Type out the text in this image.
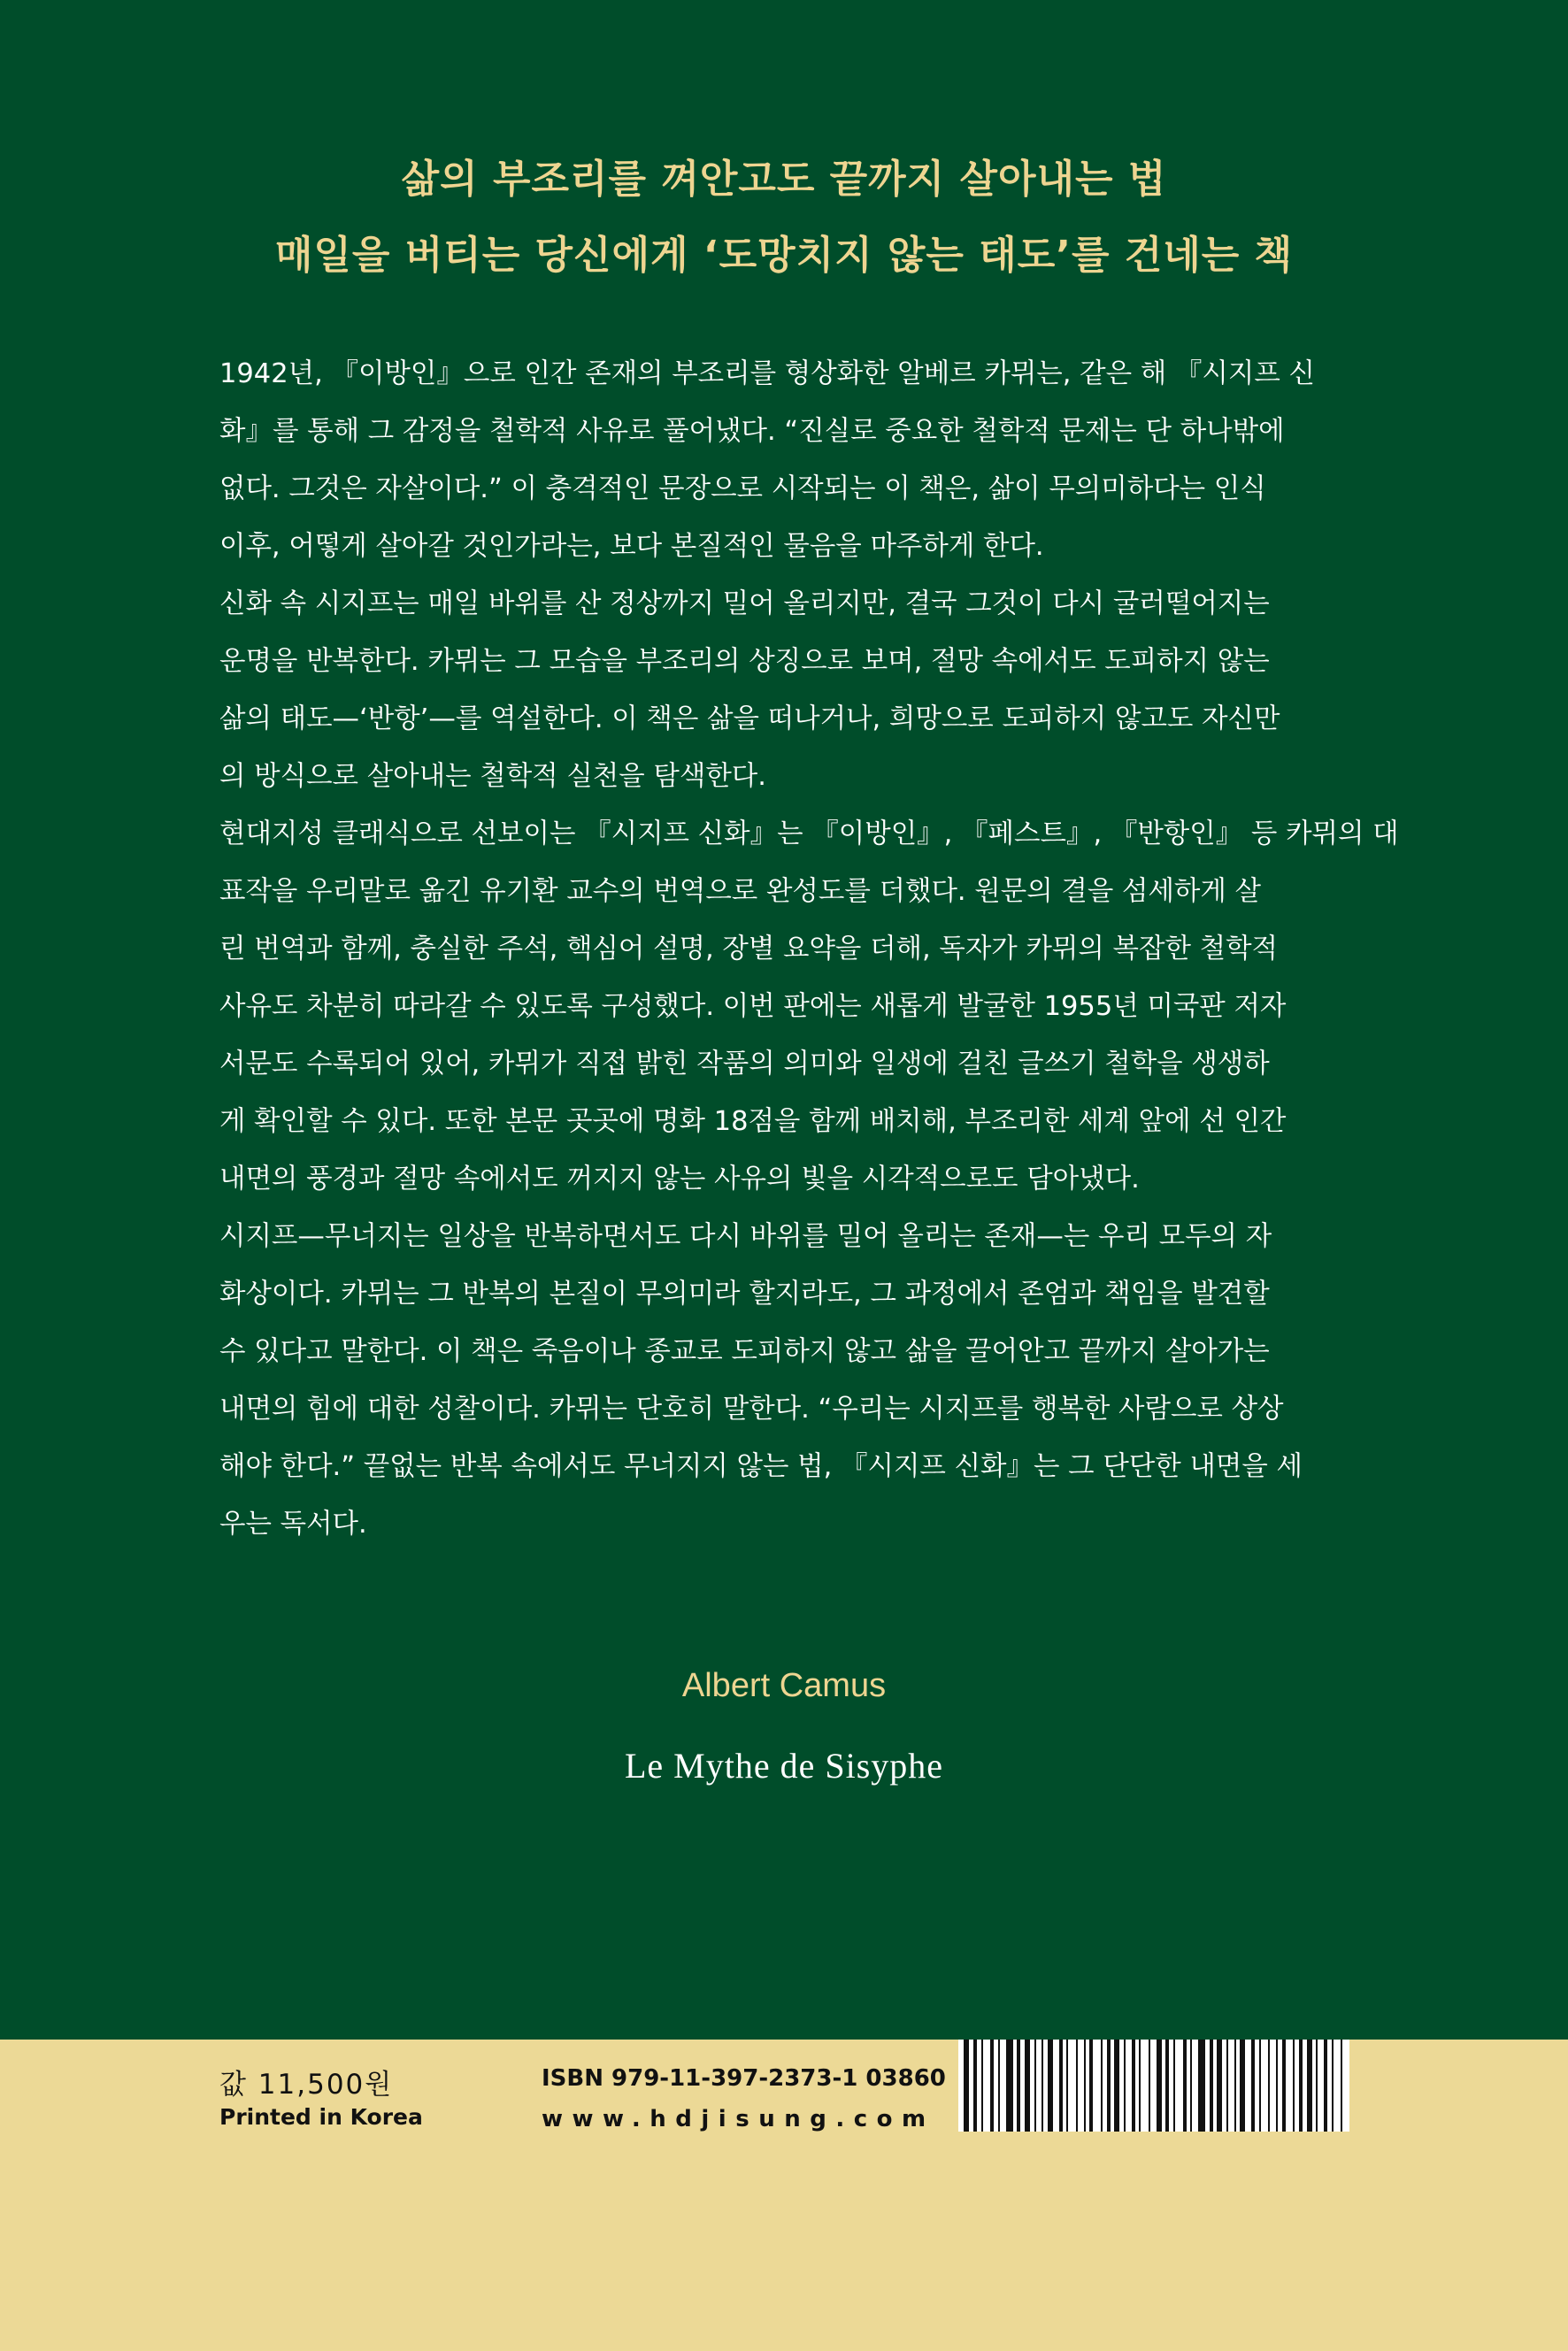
삶의 부조리를 껴안고도 끝까지 살아내는 법
매일을 버티는 당신에게 ‘도망치지 않는 태도’를 건네는 책
1942년, 『이방인』으로 인간 존재의 부조리를 형상화한 알베르 카뮈는, 같은 해 『시지프 신
화』를 통해 그 감정을 철학적 사유로 풀어냈다. “진실로 중요한 철학적 문제는 단 하나밖에
없다. 그것은 자살이다.” 이 충격적인 문장으로 시작되는 이 책은, 삶이 무의미하다는 인식
이후, 어떻게 살아갈 것인가라는, 보다 본질적인 물음을 마주하게 한다.
신화 속 시지프는 매일 바위를 산 정상까지 밀어 올리지만, 결국 그것이 다시 굴러떨어지는
운명을 반복한다. 카뮈는 그 모습을 부조리의 상징으로 보며, 절망 속에서도 도피하지 않는
삶의 태도—‘반항’—를 역설한다. 이 책은 삶을 떠나거나, 희망으로 도피하지 않고도 자신만
의 방식으로 살아내는 철학적 실천을 탐색한다.
현대지성 클래식으로 선보이는 『시지프 신화』는 『이방인』, 『페스트』, 『반항인』 등 카뮈의 대
표작을 우리말로 옮긴 유기환 교수의 번역으로 완성도를 더했다. 원문의 결을 섬세하게 살
린 번역과 함께, 충실한 주석, 핵심어 설명, 장별 요약을 더해, 독자가 카뮈의 복잡한 철학적
사유도 차분히 따라갈 수 있도록 구성했다. 이번 판에는 새롭게 발굴한 1955년 미국판 저자
서문도 수록되어 있어, 카뮈가 직접 밝힌 작품의 의미와 일생에 걸친 글쓰기 철학을 생생하
게 확인할 수 있다. 또한 본문 곳곳에 명화 18점을 함께 배치해, 부조리한 세계 앞에 선 인간
내면의 풍경과 절망 속에서도 꺼지지 않는 사유의 빛을 시각적으로도 담아냈다.
시지프—무너지는 일상을 반복하면서도 다시 바위를 밀어 올리는 존재—는 우리 모두의 자
화상이다. 카뮈는 그 반복의 본질이 무의미라 할지라도, 그 과정에서 존엄과 책임을 발견할
수 있다고 말한다. 이 책은 죽음이나 종교로 도피하지 않고 삶을 끌어안고 끝까지 살아가는
내면의 힘에 대한 성찰이다. 카뮈는 단호히 말한다. “우리는 시지프를 행복한 사람으로 상상
해야 한다.” 끝없는 반복 속에서도 무너지지 않는 법, 『시지프 신화』는 그 단단한 내면을 세
우는 독서다.
Albert Camus
Le Mythe de Sisyphe
값 11,500원
Printed in Korea
ISBN 979-11-397-2373-1 03860
www.hdjisung.com
